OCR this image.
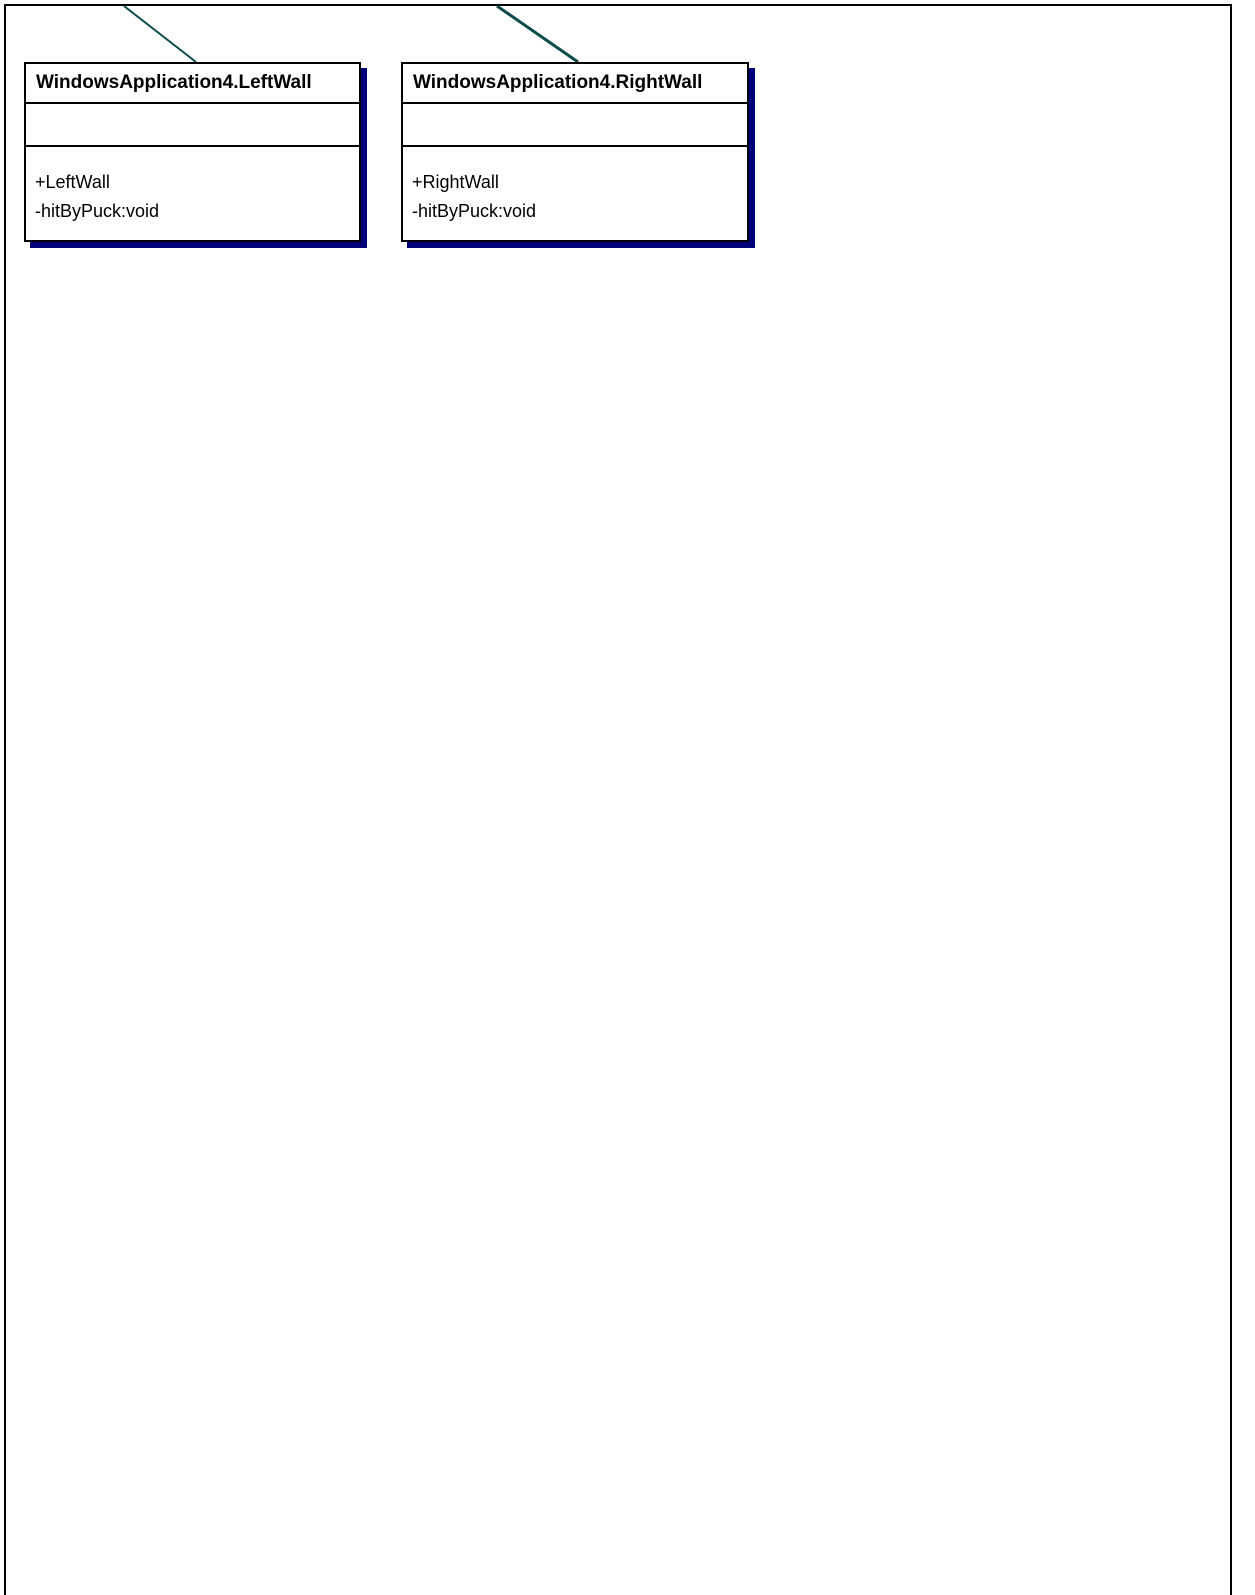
WindowsApplication4.LeftWall
+LeftWall
-hitByPuck:void
WindowsApplication4.RightWall
+RightWall
-hitByPuck:void
